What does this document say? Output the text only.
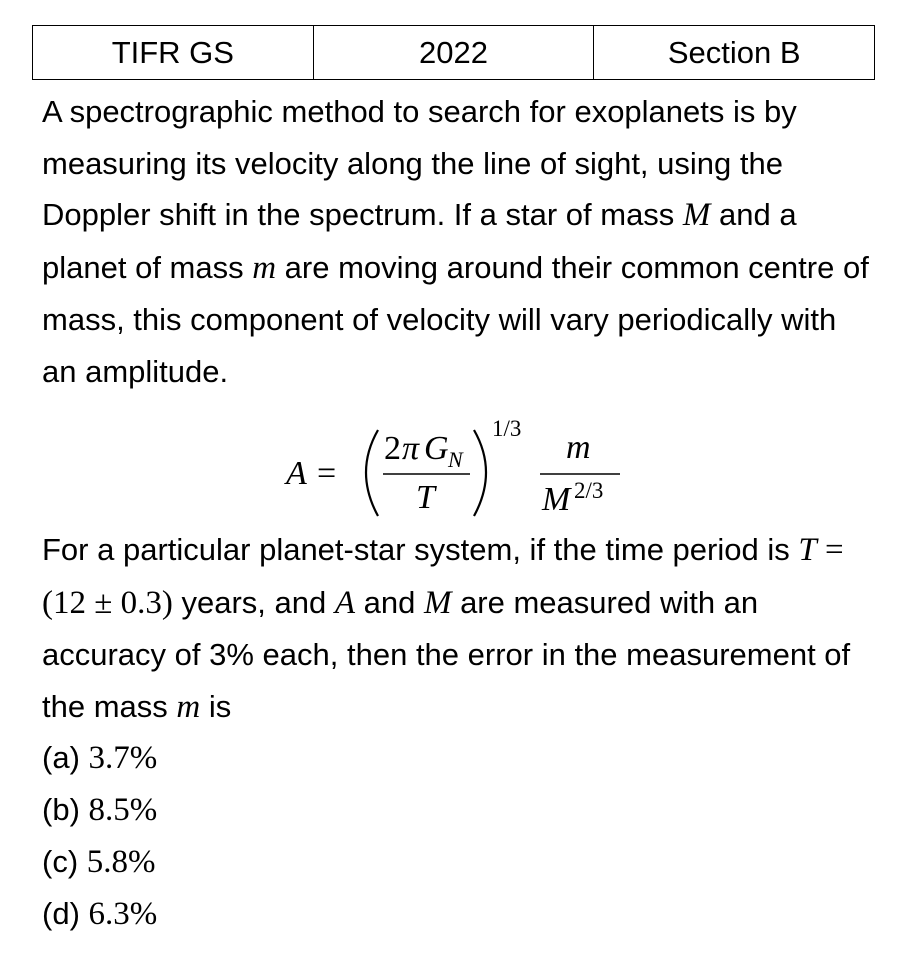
TIFR GS	2022	Section B

A spectrographic method to search for exoplanets is by measuring its velocity along the line of sight, using the Doppler shift in the spectrum. If a star of mass M and a planet of mass m are moving around their common centre of mass, this component of velocity will vary periodically with an amplitude.

A =
2 π G N
T
1/3
m
M 2/3

For a particular planet-star system, if the time period is T = (12 ± 0.3) years, and A and M are measured with an accuracy of 3% each, then the error in the measurement of the mass m is

(a) 3.7%
(b) 8.5%
(c) 5.8%
(d) 6.3%
